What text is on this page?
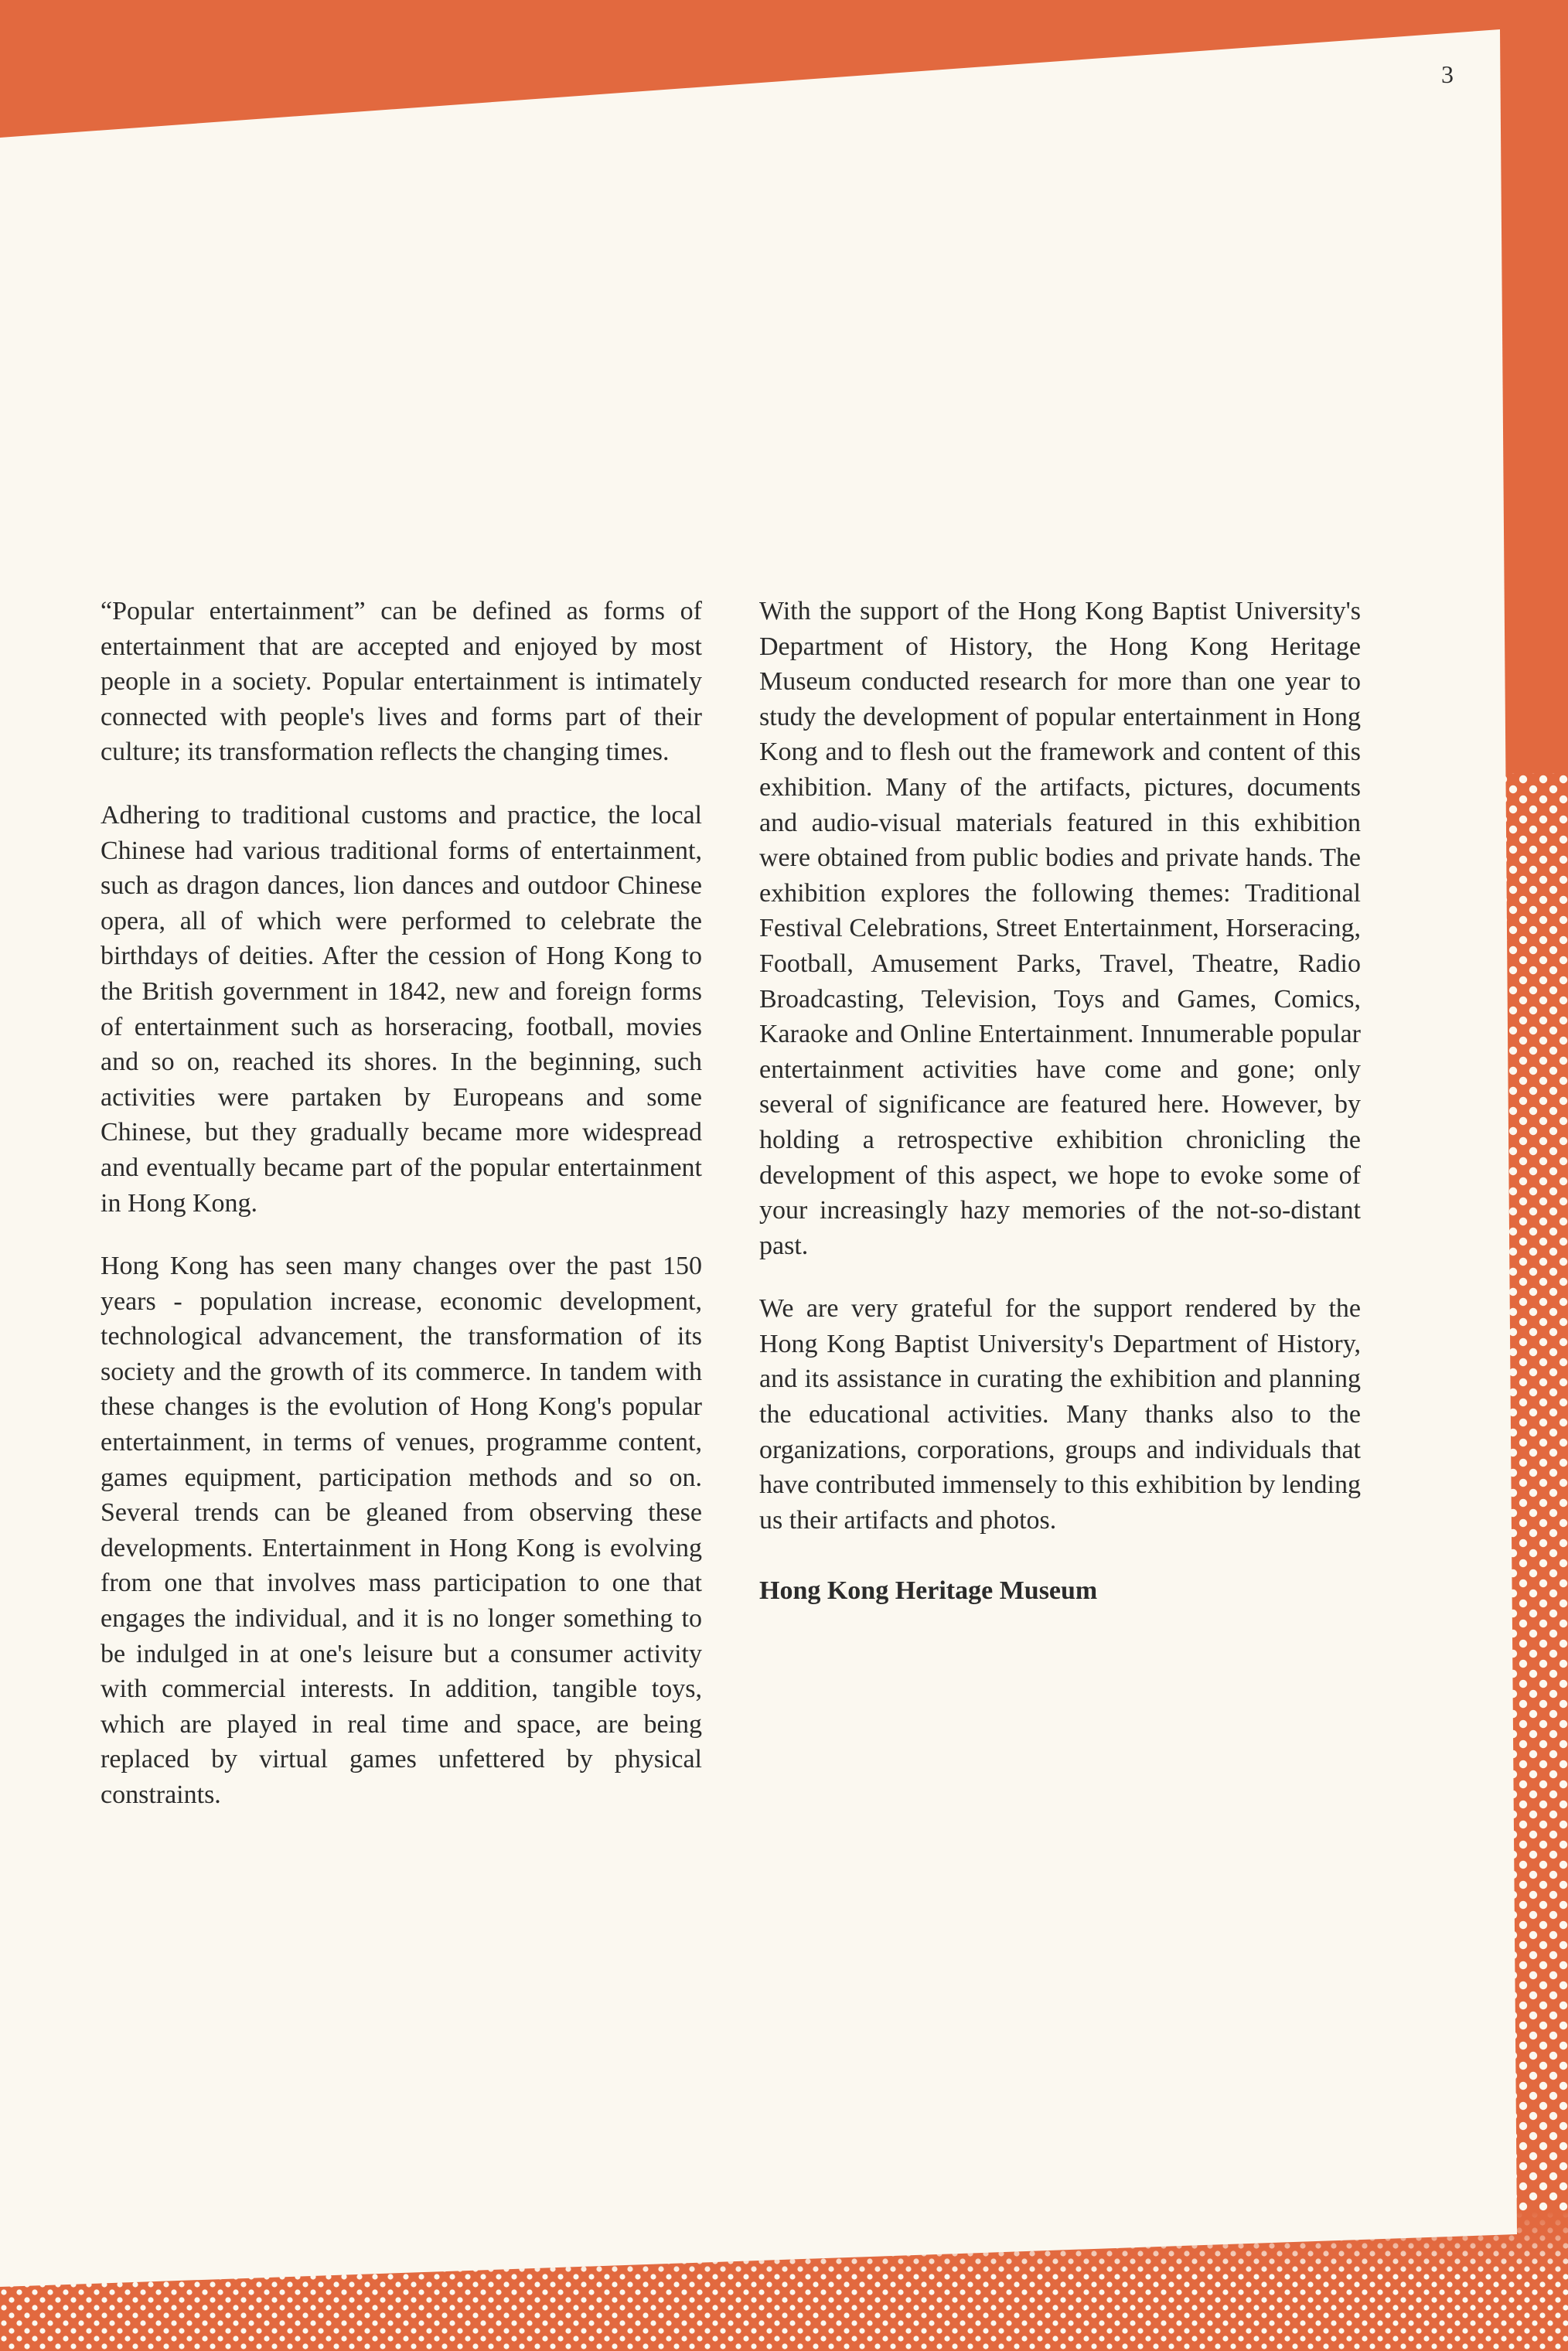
3

“Popular entertainment” can be defined as forms of entertainment that are accepted and enjoyed by most people in a society. Popular entertainment is intimately connected with people's lives and forms part of their culture; its transformation reflects the changing times.

Adhering to traditional customs and practice, the local Chinese had various traditional forms of entertainment, such as dragon dances, lion dances and outdoor Chinese opera, all of which were performed to celebrate the birthdays of deities. After the cession of Hong Kong to the British government in 1842, new and foreign forms of entertainment such as horseracing, football, movies and so on, reached its shores. In the beginning, such activities were partaken by Europeans and some Chinese, but they gradually became more widespread and eventually became part of the popular entertainment in Hong Kong.

Hong Kong has seen many changes over the past 150 years - population increase, economic development, technological advancement, the transformation of its society and the growth of its commerce. In tandem with these changes is the evolution of Hong Kong's popular entertainment, in terms of venues, programme content, games equipment, participation methods and so on. Several trends can be gleaned from observing these developments. Entertainment in Hong Kong is evolving from one that involves mass participation to one that engages the individual, and it is no longer something to be indulged in at one's leisure but a consumer activity with commercial interests. In addition, tangible toys, which are played in real time and space, are being replaced by virtual games unfettered by physical constraints.

With the support of the Hong Kong Baptist University's Department of History, the Hong Kong Heritage Museum conducted research for more than one year to study the development of popular entertainment in Hong Kong and to flesh out the framework and content of this exhibition. Many of the artifacts, pictures, documents and audio-visual materials featured in this exhibition were obtained from public bodies and private hands. The exhibition explores the following themes: Traditional Festival Celebrations, Street Entertainment, Horseracing, Football, Amusement Parks, Travel, Theatre, Radio Broadcasting, Television, Toys and Games, Comics, Karaoke and Online Entertainment. Innumerable popular entertainment activities have come and gone; only several of significance are featured here. However, by holding a retrospective exhibition chronicling the development of this aspect, we hope to evoke some of your increasingly hazy memories of the not-so-distant past.

We are very grateful for the support rendered by the Hong Kong Baptist University's Department of History, and its assistance in curating the exhibition and planning the educational activities. Many thanks also to the organizations, corporations, groups and individuals that have contributed immensely to this exhibition by lending us their artifacts and photos.

Hong Kong Heritage Museum
